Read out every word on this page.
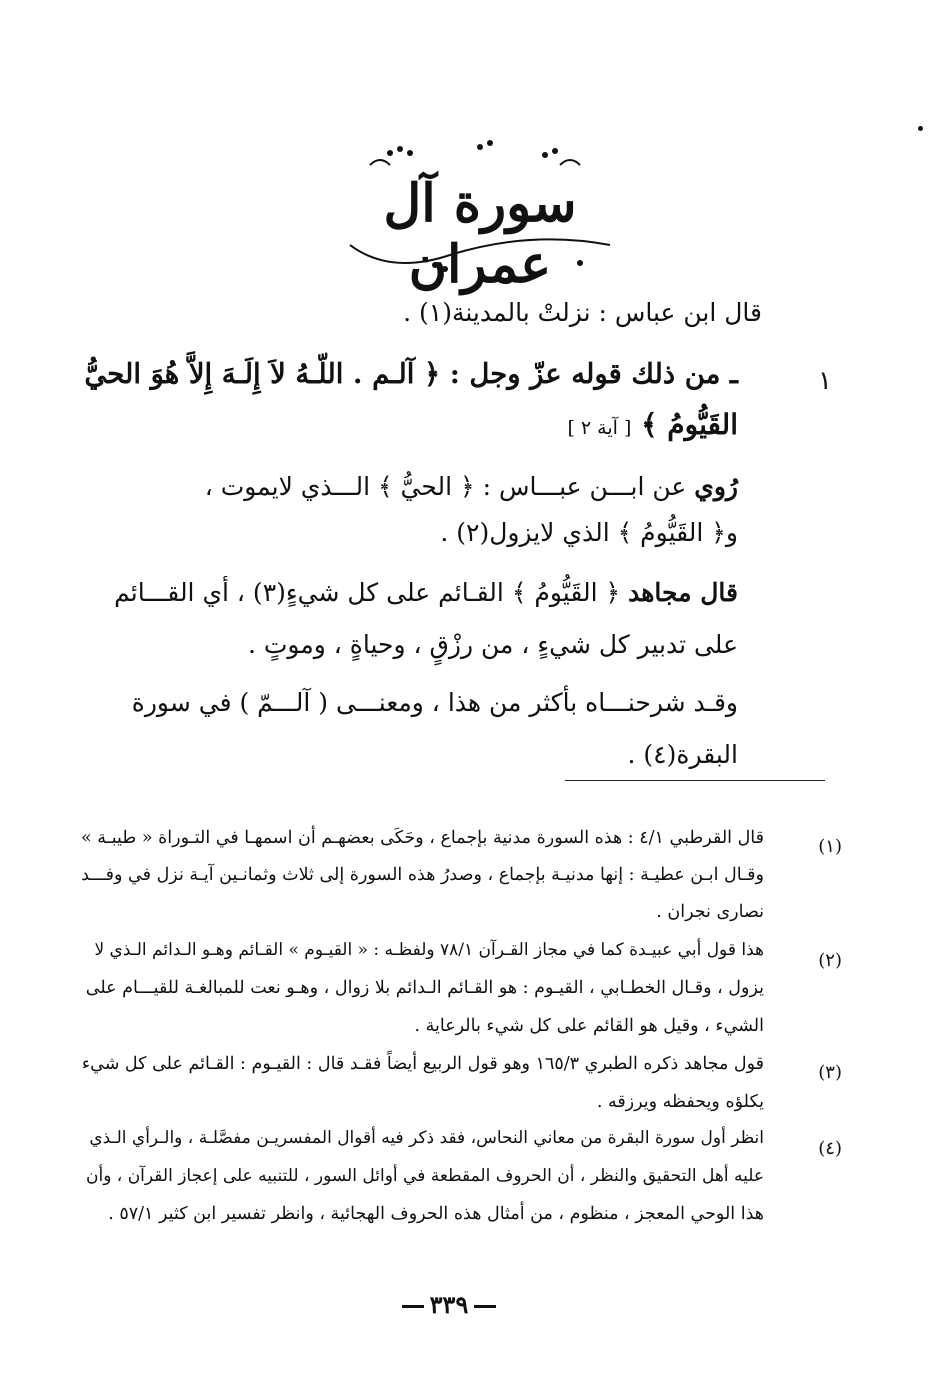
سورة آل عمران
قال ابن عباس : نزلتْ بالمدينة(١) .
١
ـ من ذلك قوله عزّ وجل : ﴿ آلـم . اللّـهُ لاَ إِلَـهَ إِلاَّ هُوَ الحيُّ
القَيُّومُ ﴾ [ آية ٢ ]
رُوي عن ابـــن عبـــاس : ﴿ الحيُّ ﴾ الـــذي لايموت ،
و﴿ القَيُّومُ ﴾ الذي لايزول(٢) .
قال مجاهد ﴿ القَيُّومُ ﴾ القـائم على كل شيءٍ(٣) ، أي القـــائم
على تدبير كل شيءٍ ، من رزْقٍ ، وحياةٍ ، وموتٍ .
وقـد شرحنـــاه بأكثر من هذا ، ومعنـــى ( آلـــمّ ) في سورة
البقرة(٤) .
(١)
قال القرطبي ٤/١ : هذه السورة مدنية بإجماع ، وحَكَى بعضهـم أن اسمهـا في التـوراة « طيبـة »
وقـال ابـن عطيـة : إنها مدنيـة بإجماع ، وصدرُ هذه السورة إلى ثلاث وثمانـين آيـة نزل في وفـــد
نصارى نجران .
(٢)
هذا قول أبي عبيـدة كما في مجاز القـرآن ٧٨/١ ولفظـه : « القيـوم » القـائم وهـو الـدائم الـذي لا
يزول ، وقـال الخطـابي ، القيـوم : هو القـائم الـدائم بلا زوال ، وهـو نعت للمبالغـة للقيـــام على
الشيء ، وقيل هو القائم على كل شيء بالرعاية .
(٣)
قول مجاهد ذكره الطبري ١٦٥/٣ وهو قول الربيع أيضاً فقـد قال : القيـوم : القـائم على كل شيء
يكلؤه ويحفظه ويرزقه .
(٤)
انظر أول سورة البقرة من معاني النحاس، فقد ذكر فيه أقوال المفسريـن مفصَّلـة ، والـرأي الـذي
عليه أهل التحقيق والنظر ، أن الحروف المقطعة في أوائل السور ، للتنبيه على إعجاز القرآن ، وأن
هذا الوحي المعجز ، منظوم ، من أمثال هذه الحروف الهجائية ، وانظر تفسير ابن كثير ٥٧/١ .
٣٣٩
